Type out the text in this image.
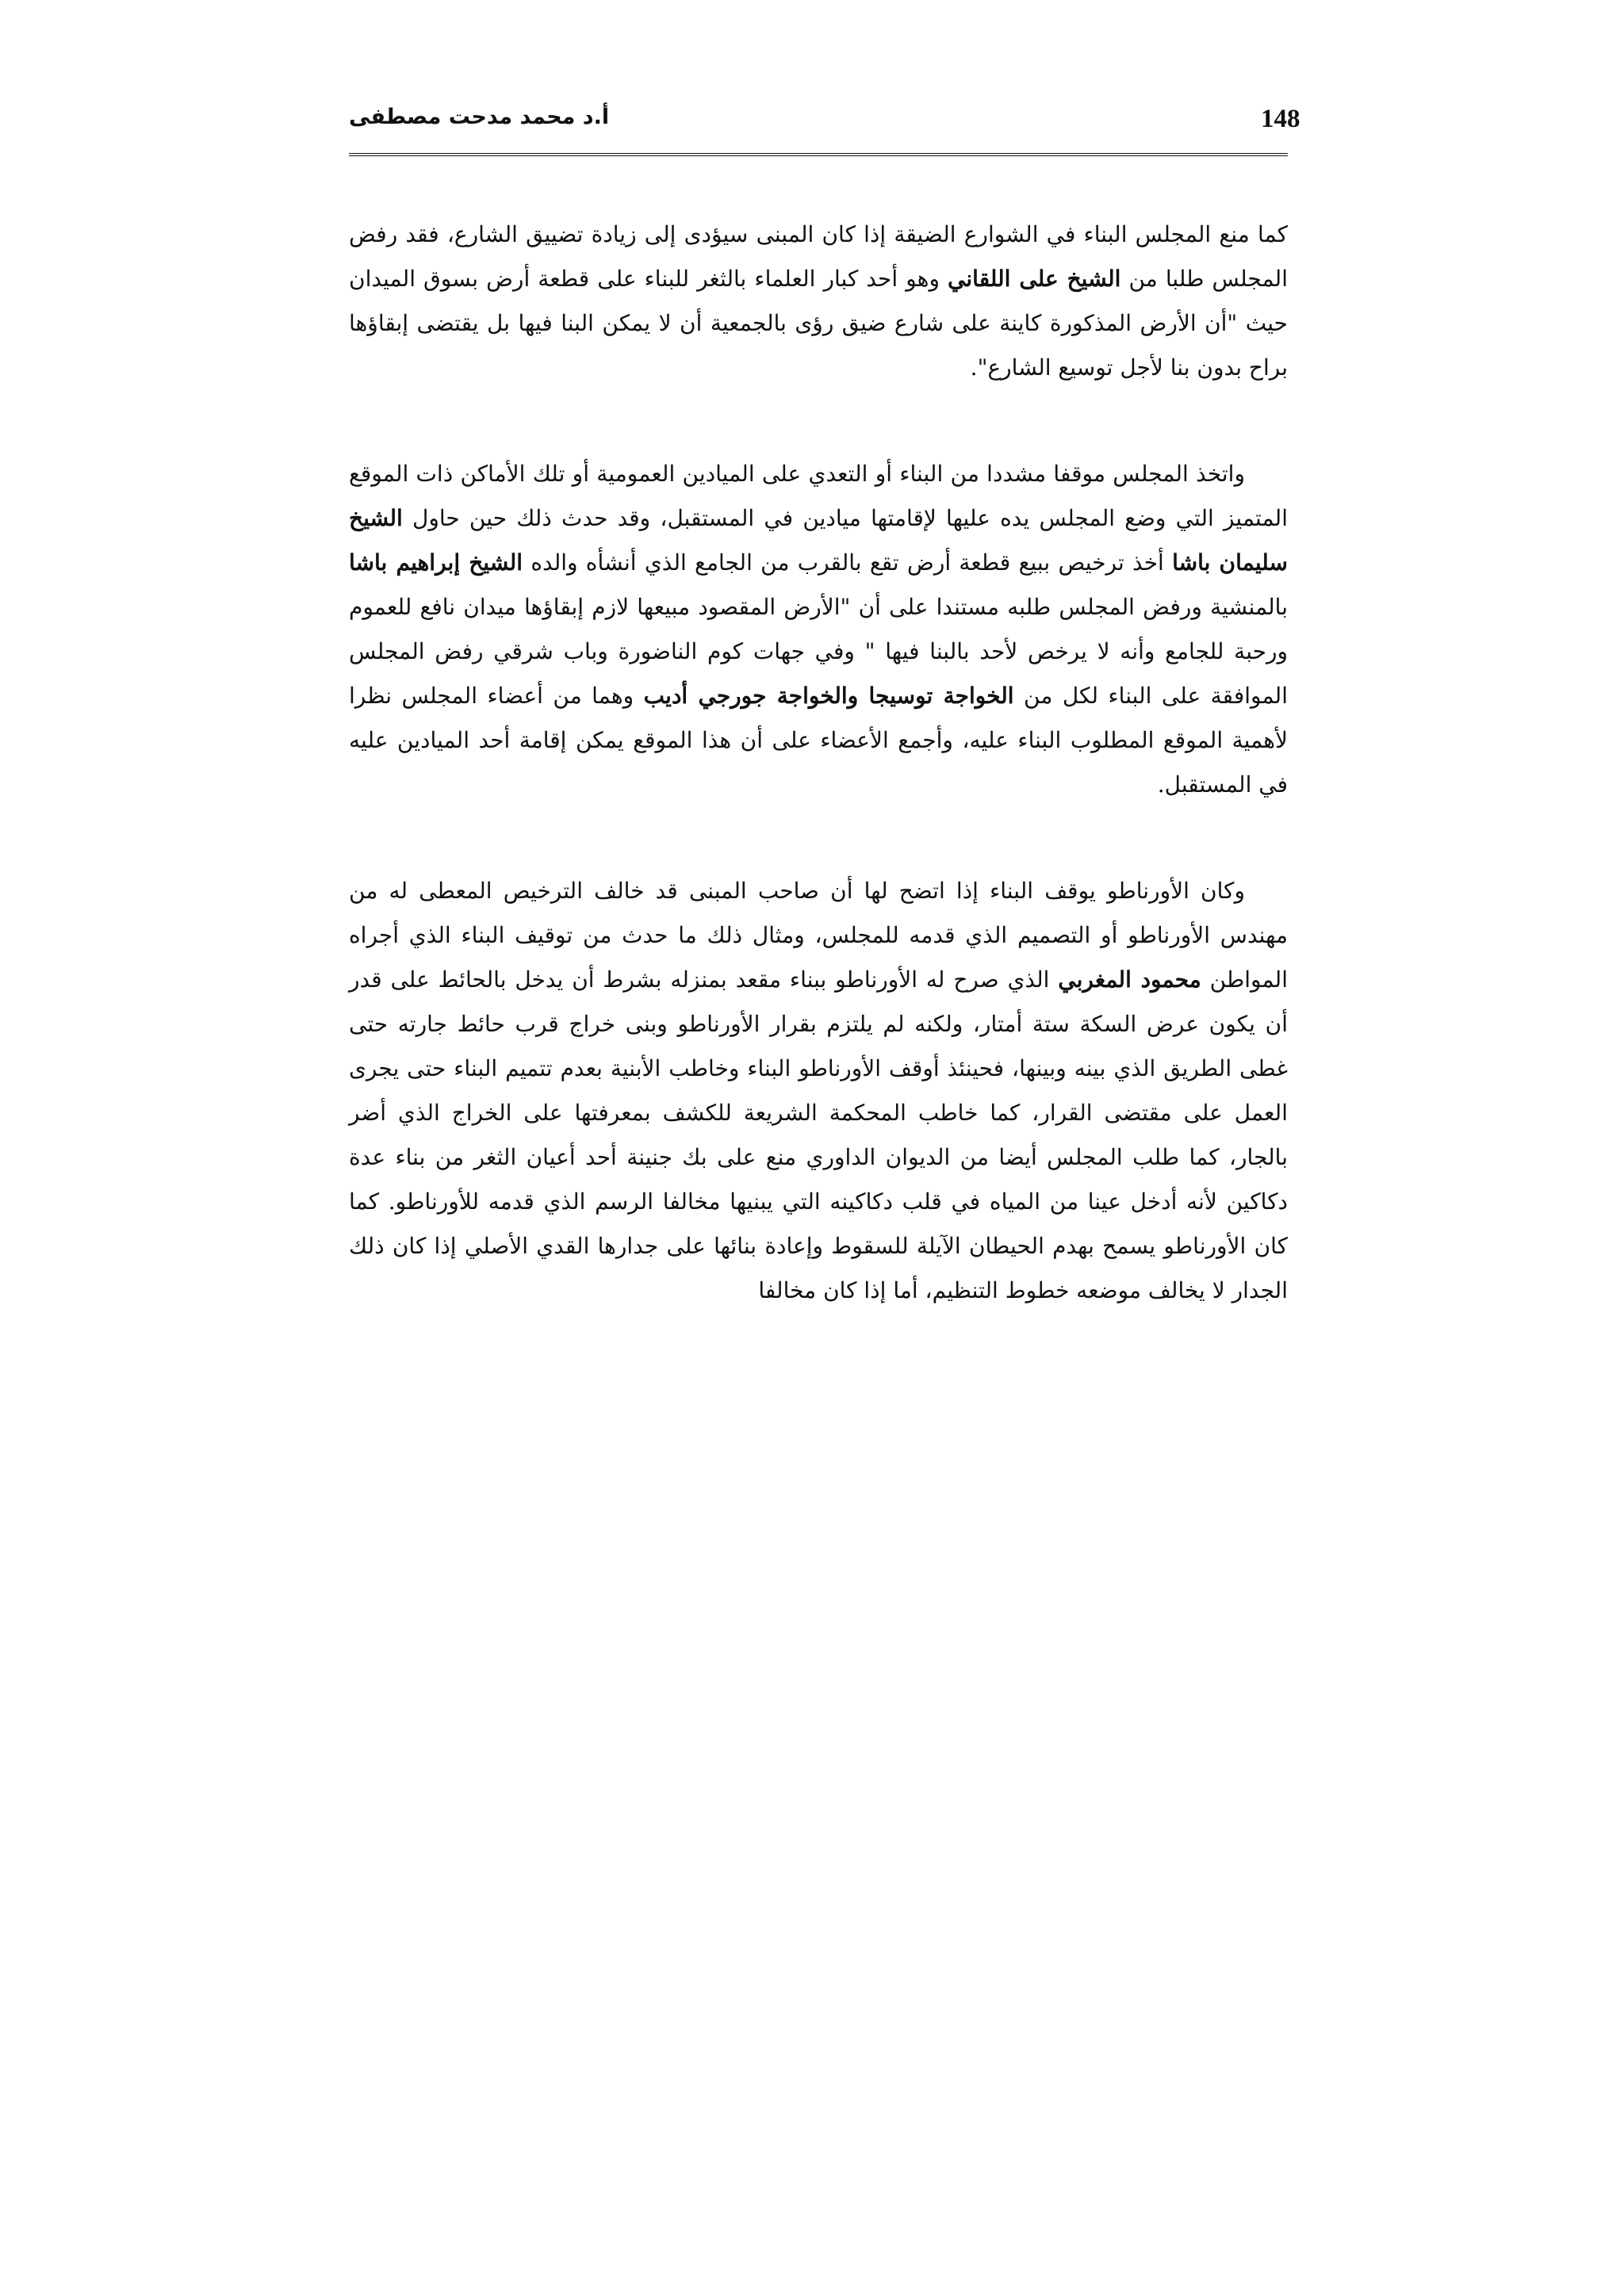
أ.د محمد مدحت مصطفى	148

كما منع المجلس البناء في الشوارع الضيقة إذا كان المبنى سيؤدى إلى زيادة تضييق الشارع، فقد رفض المجلس طلبا من الشيخ على اللقاني وهو أحد كبار العلماء بالثغر للبناء على قطعة أرض بسوق الميدان حيث "أن الأرض المذكورة كاينة على شارع ضيق رؤى بالجمعية أن لا يمكن البنا فيها بل يقتضى إبقاؤها براح بدون بنا لأجل توسيع الشارع".

واتخذ المجلس موقفا مشددا من البناء أو التعدي على الميادين العمومية أو تلك الأماكن ذات الموقع المتميز التي وضع المجلس يده عليها لإقامتها ميادين في المستقبل، وقد حدث ذلك حين حاول الشيخ سليمان باشا أخذ ترخيص ببيع قطعة أرض تقع بالقرب من الجامع الذي أنشأه والده الشيخ إبراهيم باشا بالمنشية ورفض المجلس طلبه مستندا على أن "الأرض المقصود مبيعها لازم إبقاؤها ميدان نافع للعموم ورحبة للجامع وأنه لا يرخص لأحد بالبنا فيها " وفي جهات كوم الناضورة وباب شرقي رفض المجلس الموافقة على البناء لكل من الخواجة توسيجا والخواجة جورجي أديب وهما من أعضاء المجلس نظرا لأهمية الموقع المطلوب البناء عليه، وأجمع الأعضاء على أن هذا الموقع يمكن إقامة أحد الميادين عليه في المستقبل.

وكان الأورناطو يوقف البناء إذا اتضح لها أن صاحب المبنى قد خالف الترخيص المعطى له من مهندس الأورناطو أو التصميم الذي قدمه للمجلس، ومثال ذلك ما حدث من توقيف البناء الذي أجراه المواطن محمود المغربي الذي صرح له الأورناطو ببناء مقعد بمنزله بشرط أن يدخل بالحائط على قدر أن يكون عرض السكة ستة أمتار، ولكنه لم يلتزم بقرار الأورناطو وبنى خراج قرب حائط جارته حتى غطى الطريق الذي بينه وبينها، فحينئذ أوقف الأورناطو البناء وخاطب الأبنية بعدم تتميم البناء حتى يجرى العمل على مقتضى القرار، كما خاطب المحكمة الشريعة للكشف بمعرفتها على الخراج الذي أضر بالجار، كما طلب المجلس أيضا من الديوان الداوري منع على بك جنينة أحد أعيان الثغر من بناء عدة دكاكين لأنه أدخل عينا من المياه في قلب دكاكينه التي يبنيها مخالفا الرسم الذي قدمه للأورناطو. كما كان الأورناطو يسمح بهدم الحيطان الآيلة للسقوط وإعادة بنائها على جدارها القدي الأصلي إذا كان ذلك الجدار لا يخالف موضعه خطوط التنظيم، أما إذا كان مخالفا
